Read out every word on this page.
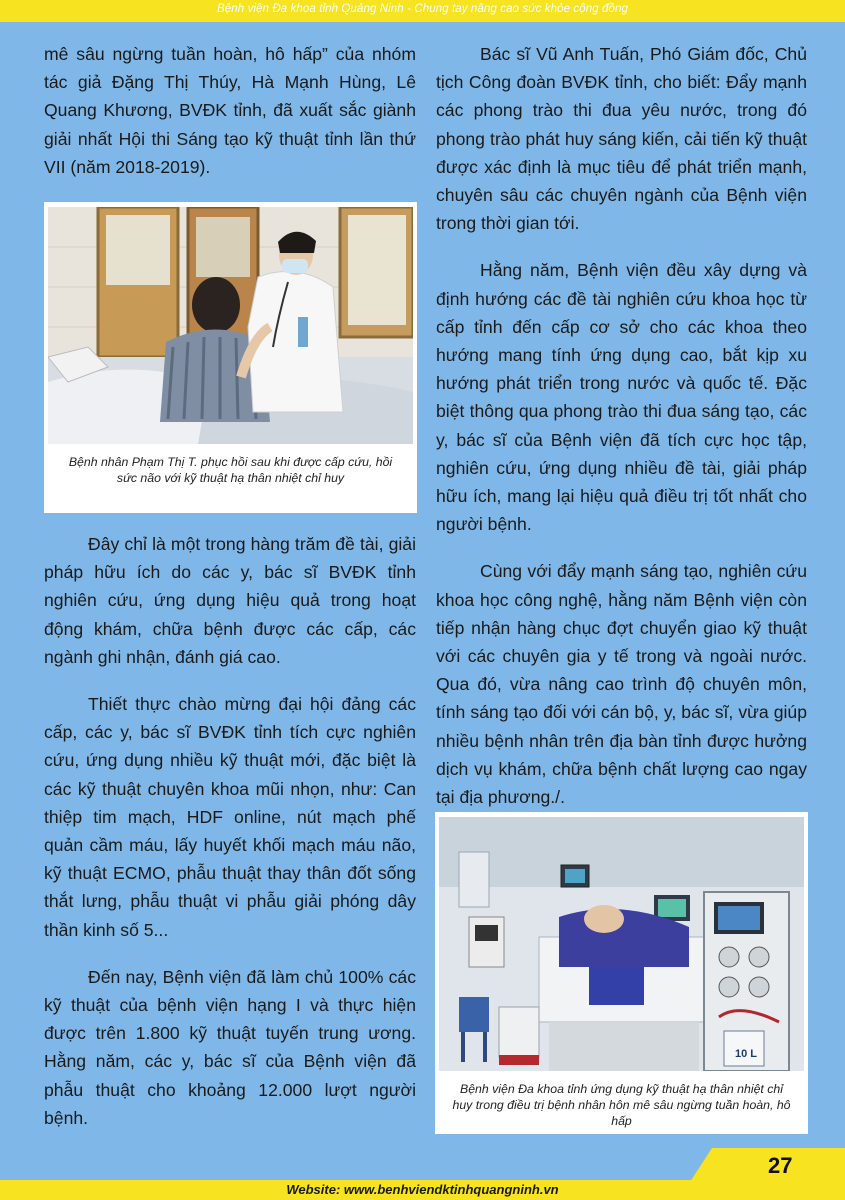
Bệnh viện Đa khoa tỉnh Quảng Ninh - Chung tay nâng cao sức khỏe cộng đồng

mê sâu ngừng tuần hoàn, hô hấp” của nhóm tác giả Đặng Thị Thúy, Hà Mạnh Hùng, Lê Quang Khương, BVĐK tỉnh, đã xuất sắc giành giải nhất Hội thi Sáng tạo kỹ thuật tỉnh lần thứ VII (năm 2018-2019).

Bệnh nhân Phạm Thị T. phục hồi sau khi được cấp cứu, hồi sức não với kỹ thuật hạ thân nhiệt chỉ huy

Đây chỉ là một trong hàng trăm đề tài, giải pháp hữu ích do các y, bác sĩ BVĐK tỉnh nghiên cứu, ứng dụng hiệu quả trong hoạt động khám, chữa bệnh được các cấp, các ngành ghi nhận, đánh giá cao.

Thiết thực chào mừng đại hội đảng các cấp, các y, bác sĩ BVĐK tỉnh tích cực nghiên cứu, ứng dụng nhiều kỹ thuật mới, đặc biệt là các kỹ thuật chuyên khoa mũi nhọn, như: Can thiệp tim mạch, HDF online, nút mạch phế quản cầm máu, lấy huyết khối mạch máu não, kỹ thuật ECMO, phẫu thuật thay thân đốt sống thắt lưng, phẫu thuật vi phẫu giải phóng dây thần kinh số 5...

Đến nay, Bệnh viện đã làm chủ 100% các kỹ thuật của bệnh viện hạng I và thực hiện được trên 1.800 kỹ thuật tuyến trung ương. Hằng năm, các y, bác sĩ của Bệnh viện đã phẫu thuật cho khoảng 12.000 lượt người bệnh.

Bác sĩ Vũ Anh Tuấn, Phó Giám đốc, Chủ tịch Công đoàn BVĐK tỉnh, cho biết: Đẩy mạnh các phong trào thi đua yêu nước, trong đó phong trào phát huy sáng kiến, cải tiến kỹ thuật được xác định là mục tiêu để phát triển mạnh, chuyên sâu các chuyên ngành của Bệnh viện trong thời gian tới.

Hằng năm, Bệnh viện đều xây dựng và định hướng các đề tài nghiên cứu khoa học từ cấp tỉnh đến cấp cơ sở cho các khoa theo hướng mang tính ứng dụng cao, bắt kịp xu hướng phát triển trong nước và quốc tế. Đặc biệt thông qua phong trào thi đua sáng tạo, các y, bác sĩ của Bệnh viện đã tích cực học tập, nghiên cứu, ứng dụng nhiều đề tài, giải pháp hữu ích, mang lại hiệu quả điều trị tốt nhất cho người bệnh.

Cùng với đẩy mạnh sáng tạo, nghiên cứu khoa học công nghệ, hằng năm Bệnh viện còn tiếp nhận hàng chục đợt chuyển giao kỹ thuật với các chuyên gia y tế trong và ngoài nước. Qua đó, vừa nâng cao trình độ chuyên môn, tính sáng tạo đối với cán bộ, y, bác sĩ, vừa giúp nhiều bệnh nhân trên địa bàn tỉnh được hưởng dịch vụ khám, chữa bệnh chất lượng cao ngay tại địa phương./.

10 L
Bệnh viện Đa khoa tỉnh ứng dụng kỹ thuật hạ thân nhiệt chỉ huy trong điều trị bệnh nhân hôn mê sâu ngừng tuần hoàn, hô hấp
27
Website: www.benhviendktinhquangninh.vn
